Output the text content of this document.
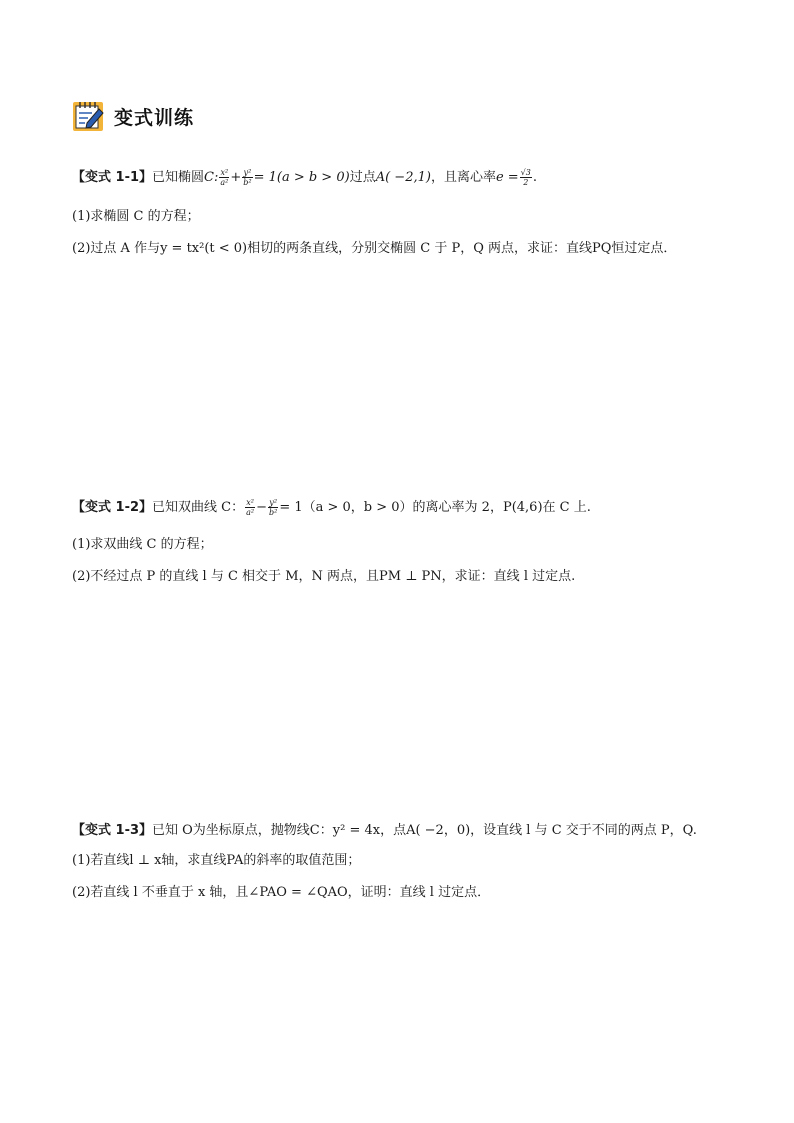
变式训练
【变式 1-1】已知椭圆C: $\frac{\text{x²}}{\text{a²}} + \frac{\text{y²}}{\text{b²}} = 1(a > b > 0)$过点A( −2,1)，且离心率$e = \frac{√3}{2}$ .
(1)求椭圆 C 的方程；
(2)过点 A 作与y = tx²(t < 0)相切的两条直线，分别交椭圆 C 于 P，Q 两点，求证：直线PQ恒过定点．
【变式 1-2】已知双曲线 C： $\frac{\text{x²}}{\text{a²}} - \frac{\text{y²}}{\text{b²}} = 1(a > 0$，b > 0）的离心率为 2，P(4,6)在 C 上.
(1)求双曲线 C 的方程；
(2)不经过点 P 的直线 l 与 C 相交于 M，N 两点，且PM ⊥ PN，求证：直线 l 过定点.
【变式 1-3】已知 O为坐标原点，抛物线C：y² = 4x，点A( −2，0)，设直线 l 与 C 交于不同的两点 P，Q.
(1)若直线l ⊥ x轴，求直线PA的斜率的取值范围；
(2)若直线 l 不垂直于 x 轴，且∠PAO = ∠QAO，证明：直线 l 过定点．
